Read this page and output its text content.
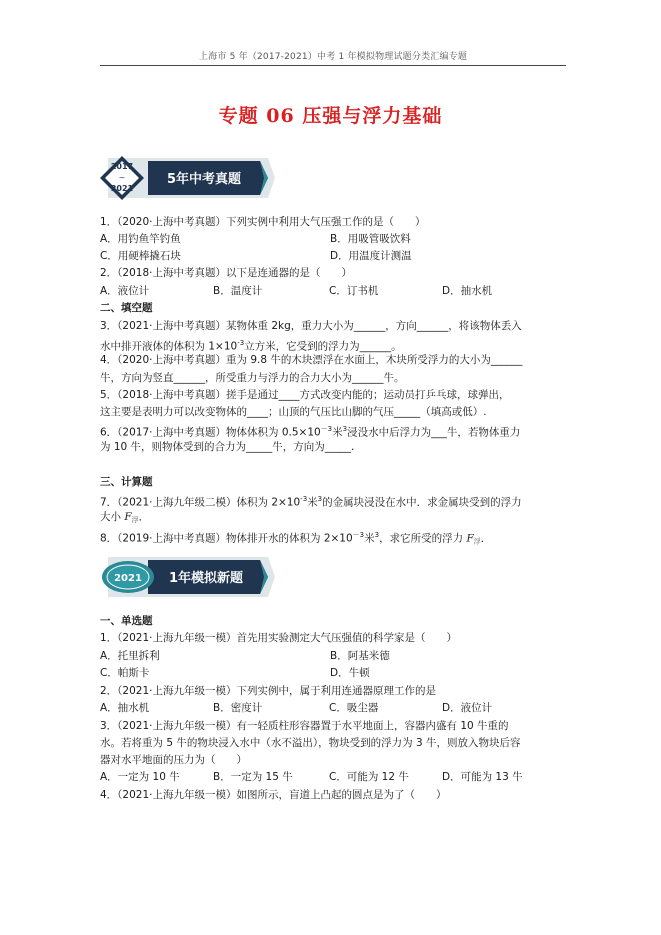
上海市 5 年（2017-2021）中考 1 年模拟物理试题分类汇编专题
专题 06 压强与浮力基础
2017
~
2021
5年中考真题
1．（2020·上海中考真题）下列实例中利用大气压强工作的是（　　）
A．用钓鱼竿钓鱼	B．用吸管吸饮料
C．用硬棒撬石块	D．用温度计测温
2．（2018·上海中考真题）以下是连通器的是（　　）
A．液位计	B．温度计	C．订书机	D．抽水机
二、填空题
3．（2021·上海中考真题）某物体重 2kg，重力大小为______，方向______，将该物体丢入
水中排开液体的体积为 $1\times 10^{-3}$立方米，它受到的浮力为______。
4．（2020·上海中考真题）重为 9.8 牛的木块漂浮在水面上，木块所受浮力的大小为______
牛，方向为竖直______，所受重力与浮力的合力大小为______牛。
5．（2018·上海中考真题）搓手是通过____方式改变内能的；运动员打乒乓球，球弹出，
这主要是表明力可以改变物体的____；山顶的气压比山脚的气压_____（填高或低）.
6．（2017·上海中考真题）物体体积为 $0.5\times 10^{-3}$米$^3$浸没水中后浮力为___牛，若物体重力
为 10 牛，则物体受到的合力为_____牛，方向为_____.
三、计算题
7．（2021·上海九年级二模）体积为 $2\times 10^{-3}$米$^3$的金属块浸没在水中．求金属块受到的浮力
大小 $F_浮$．
8．（2019·上海中考真题）物体排开水的体积为 $2\times 10^{-3}$米$^3$，求它所受的浮力 $F_浮$．
2021 1年模拟新题
一、单选题
1．（2021·上海九年级一模）首先用实验测定大气压强值的科学家是（　　）
A．托里拆利	B．阿基米德
C．帕斯卡	D．牛顿
2．（2021·上海九年级一模）下列实例中，属于利用连通器原理工作的是
A．抽水机	B．密度计	C．吸尘器	D．液位计
3．（2021·上海九年级一模）有一轻质柱形容器置于水平地面上，容器内盛有 10 牛重的
水。若将重为 5 牛的物块浸入水中（水不溢出），物块受到的浮力为 3 牛，则放入物块后容
器对水平地面的压力为（　　）
A．一定为 10 牛	B．一定为 15 牛	C．可能为 12 牛	D．可能为 13 牛
4．（2021·上海九年级一模）如图所示，盲道上凸起的圆点是为了（　　）
